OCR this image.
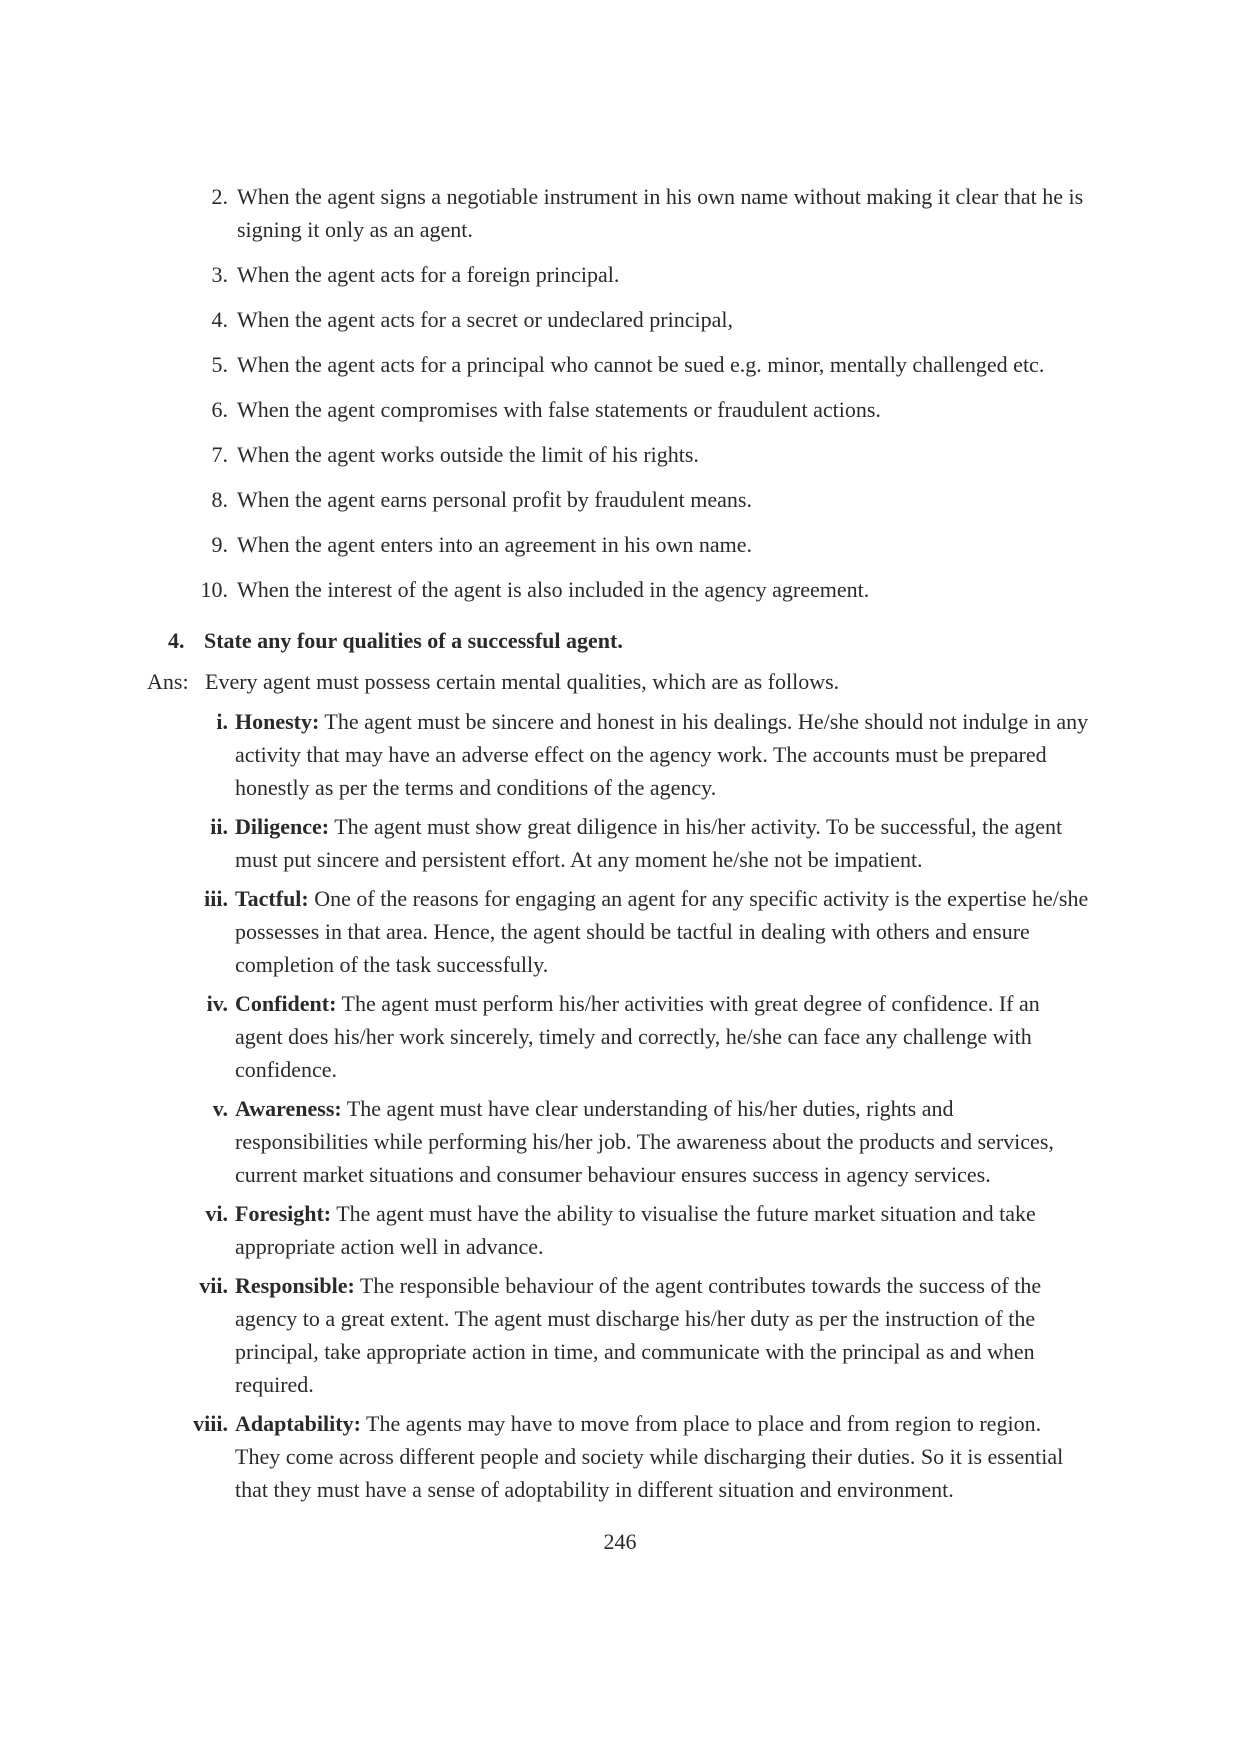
2. When the agent signs a negotiable instrument in his own name without making it clear that he is signing it only as an agent.
3. When the agent acts for a foreign principal.
4. When the agent acts for a secret or undeclared principal,
5. When the agent acts for a principal who cannot be sued e.g. minor, mentally challenged etc.
6. When the agent compromises with false statements or fraudulent actions.
7. When the agent works outside the limit of his rights.
8. When the agent earns personal profit by fraudulent means.
9. When the agent enters into an agreement in his own name.
10. When the interest of the agent is also included in the agency agreement.
4. State any four qualities of a successful agent.
Ans: Every agent must possess certain mental qualities, which are as follows.
i. Honesty: The agent must be sincere and honest in his dealings. He/she should not indulge in any activity that may have an adverse effect on the agency work. The accounts must be prepared honestly as per the terms and conditions of the agency.
ii. Diligence: The agent must show great diligence in his/her activity. To be successful, the agent must put sincere and persistent effort. At any moment he/she not be impatient.
iii. Tactful: One of the reasons for engaging an agent for any specific activity is the expertise he/she possesses in that area. Hence, the agent should be tactful in dealing with others and ensure completion of the task successfully.
iv. Confident: The agent must perform his/her activities with great degree of confidence. If an agent does his/her work sincerely, timely and correctly, he/she can face any challenge with confidence.
v. Awareness: The agent must have clear understanding of his/her duties, rights and responsibilities while performing his/her job. The awareness about the products and services, current market situations and consumer behaviour ensures success in agency services.
vi. Foresight: The agent must have the ability to visualise the future market situation and take appropriate action well in advance.
vii. Responsible: The responsible behaviour of the agent contributes towards the success of the agency to a great extent. The agent must discharge his/her duty as per the instruction of the principal, take appropriate action in time, and communicate with the principal as and when required.
viii. Adaptability: The agents may have to move from place to place and from region to region. They come across different people and society while discharging their duties. So it is essential that they must have a sense of adoptability in different situation and environment.
246
